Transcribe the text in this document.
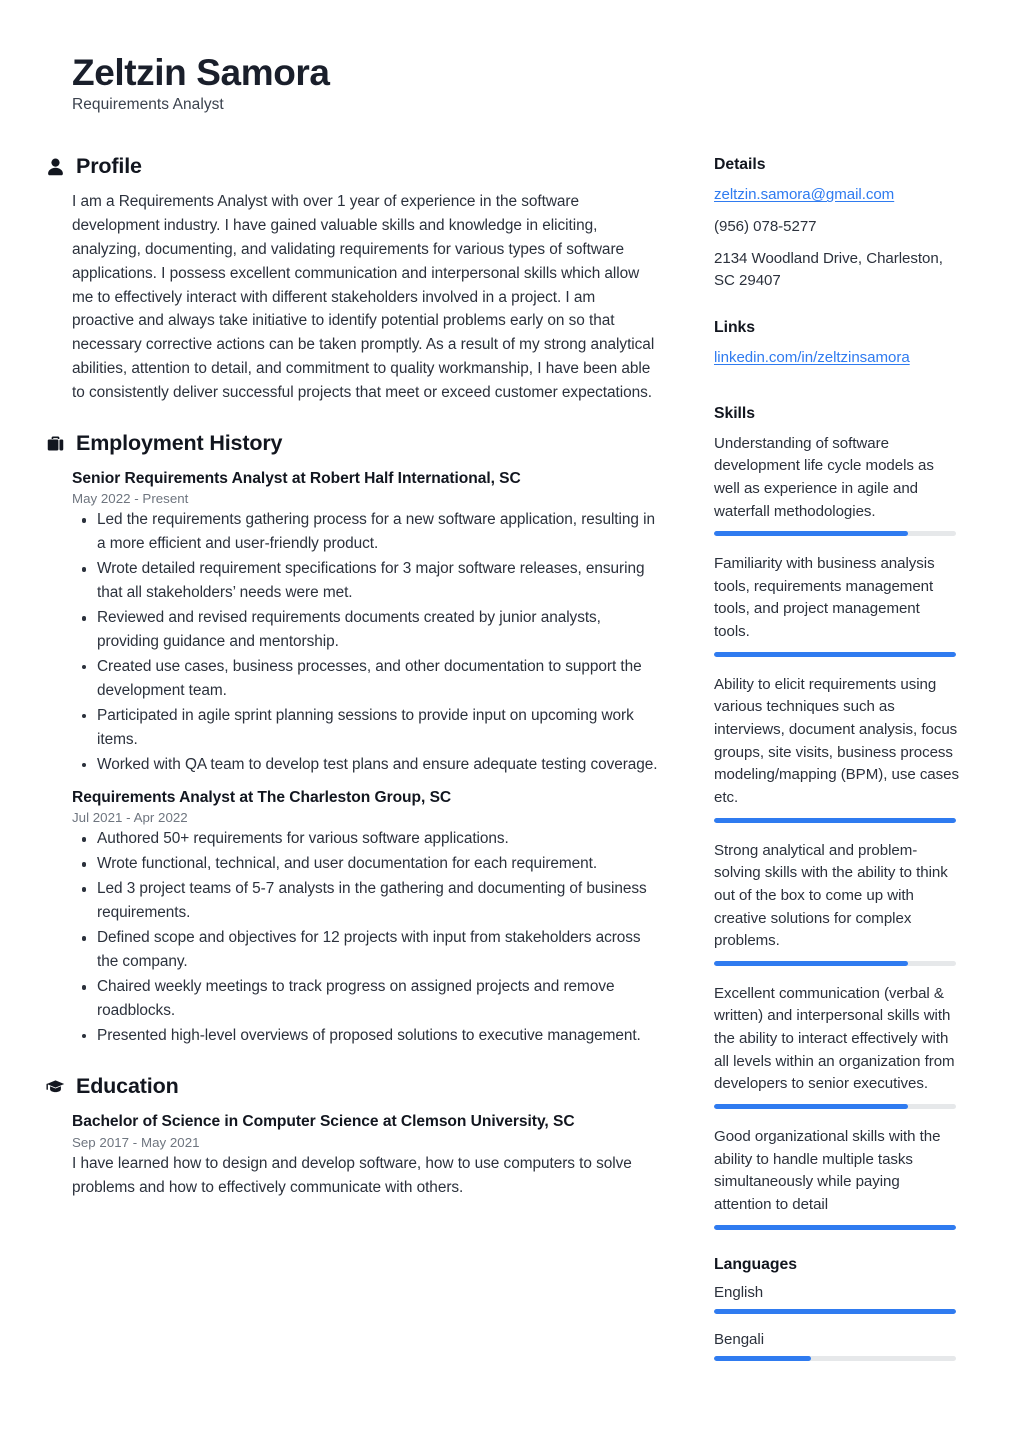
Zeltzin Samora
Requirements Analyst
Profile
I am a Requirements Analyst with over 1 year of experience in the software development industry. I have gained valuable skills and knowledge in eliciting, analyzing, documenting, and validating requirements for various types of software applications. I possess excellent communication and interpersonal skills which allow me to effectively interact with different stakeholders involved in a project. I am proactive and always take initiative to identify potential problems early on so that necessary corrective actions can be taken promptly. As a result of my strong analytical abilities, attention to detail, and commitment to quality workmanship, I have been able to consistently deliver successful projects that meet or exceed customer expectations.
Employment History
Senior Requirements Analyst at Robert Half International, SC
May 2022 - Present
Led the requirements gathering process for a new software application, resulting in a more efficient and user-friendly product.
Wrote detailed requirement specifications for 3 major software releases, ensuring that all stakeholders’ needs were met.
Reviewed and revised requirements documents created by junior analysts, providing guidance and mentorship.
Created use cases, business processes, and other documentation to support the development team.
Participated in agile sprint planning sessions to provide input on upcoming work items.
Worked with QA team to develop test plans and ensure adequate testing coverage.
Requirements Analyst at The Charleston Group, SC
Jul 2021 - Apr 2022
Authored 50+ requirements for various software applications.
Wrote functional, technical, and user documentation for each requirement.
Led 3 project teams of 5-7 analysts in the gathering and documenting of business requirements.
Defined scope and objectives for 12 projects with input from stakeholders across the company.
Chaired weekly meetings to track progress on assigned projects and remove roadblocks.
Presented high-level overviews of proposed solutions to executive management.
Education
Bachelor of Science in Computer Science at Clemson University, SC
Sep 2017 - May 2021
I have learned how to design and develop software, how to use computers to solve problems and how to effectively communicate with others.
Details
zeltzin.samora@gmail.com
(956) 078-5277
2134 Woodland Drive, Charleston, SC 29407
Links
linkedin.com/in/zeltzinsamora
Skills
Understanding of software development life cycle models as well as experience in agile and waterfall methodologies.
Familiarity with business analysis tools, requirements management tools, and project management tools.
Ability to elicit requirements using various techniques such as interviews, document analysis, focus groups, site visits, business process modeling/mapping (BPM), use cases etc.
Strong analytical and problem-solving skills with the ability to think out of the box to come up with creative solutions for complex problems.
Excellent communication (verbal & written) and interpersonal skills with the ability to interact effectively with all levels within an organization from developers to senior executives.
Good organizational skills with the ability to handle multiple tasks simultaneously while paying attention to detail
Languages
English
Bengali
